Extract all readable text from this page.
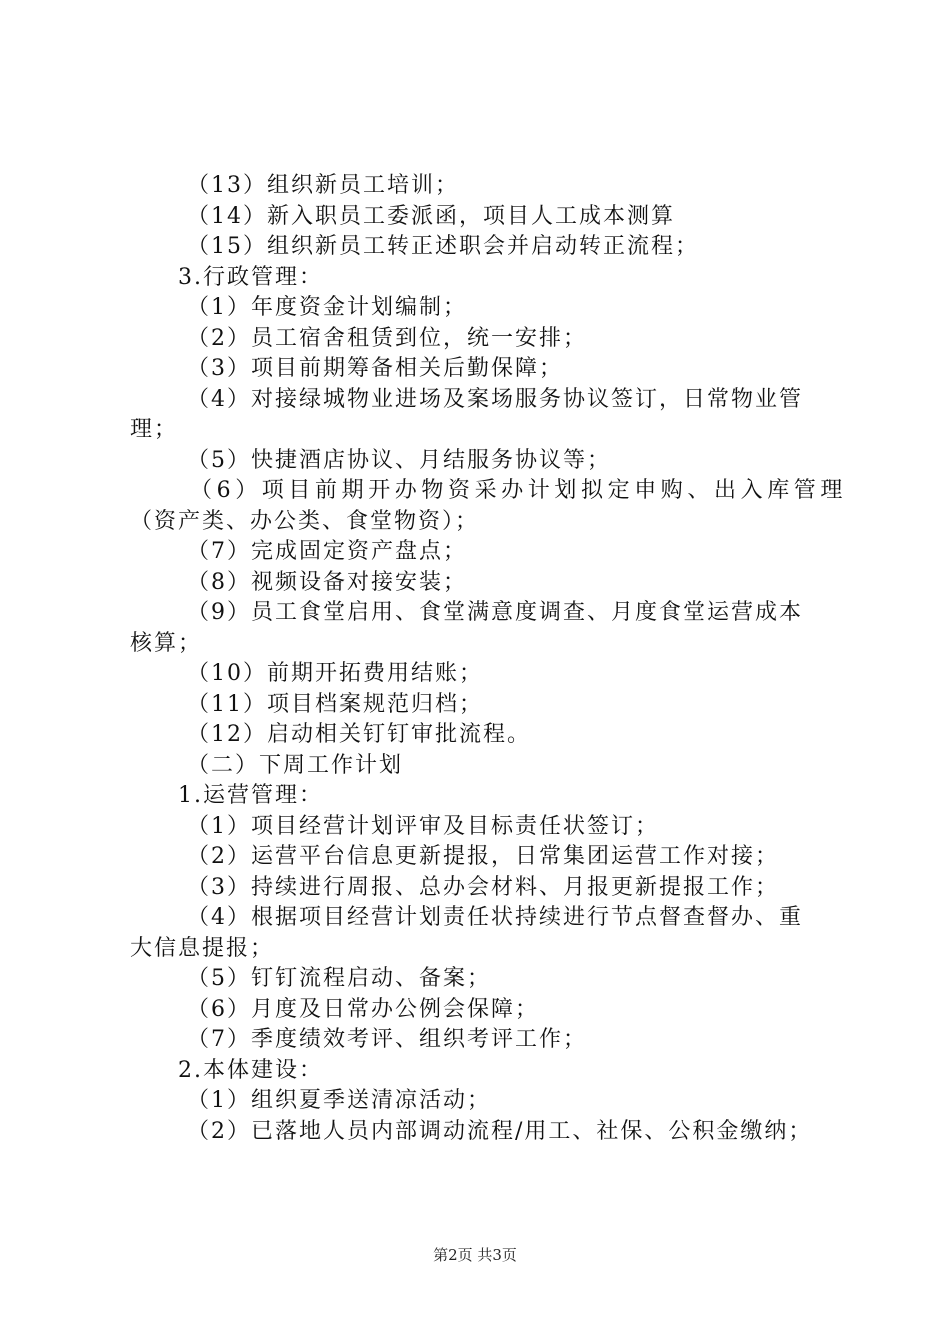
（13）组织新员工培训；
（14）新入职员工委派函，项目人工成本测算
（15）组织新员工转正述职会并启动转正流程；
3.行政管理：
（1）年度资金计划编制；
（2）员工宿舍租赁到位，统一安排；
（3）项目前期筹备相关后勤保障；
（4）对接绿城物业进场及案场服务协议签订，日常物业管
理；
（5）快捷酒店协议、月结服务协议等；
（6）项目前期开办物资采办计划拟定申购、出入库管理
（资产类、办公类、食堂物资）；
（7）完成固定资产盘点；
（8）视频设备对接安装；
（9）员工食堂启用、食堂满意度调查、月度食堂运营成本
核算；
（10）前期开拓费用结账；
（11）项目档案规范归档；
（12）启动相关钉钉审批流程。
（二）下周工作计划
1.运营管理：
（1）项目经营计划评审及目标责任状签订；
（2）运营平台信息更新提报，日常集团运营工作对接；
（3）持续进行周报、总办会材料、月报更新提报工作；
（4）根据项目经营计划责任状持续进行节点督查督办、重
大信息提报；
（5）钉钉流程启动、备案；
（6）月度及日常办公例会保障；
（7）季度绩效考评、组织考评工作；
2.本体建设：
（1）组织夏季送清凉活动；
（2）已落地人员内部调动流程/用工、社保、公积金缴纳；
第2页 共3页
